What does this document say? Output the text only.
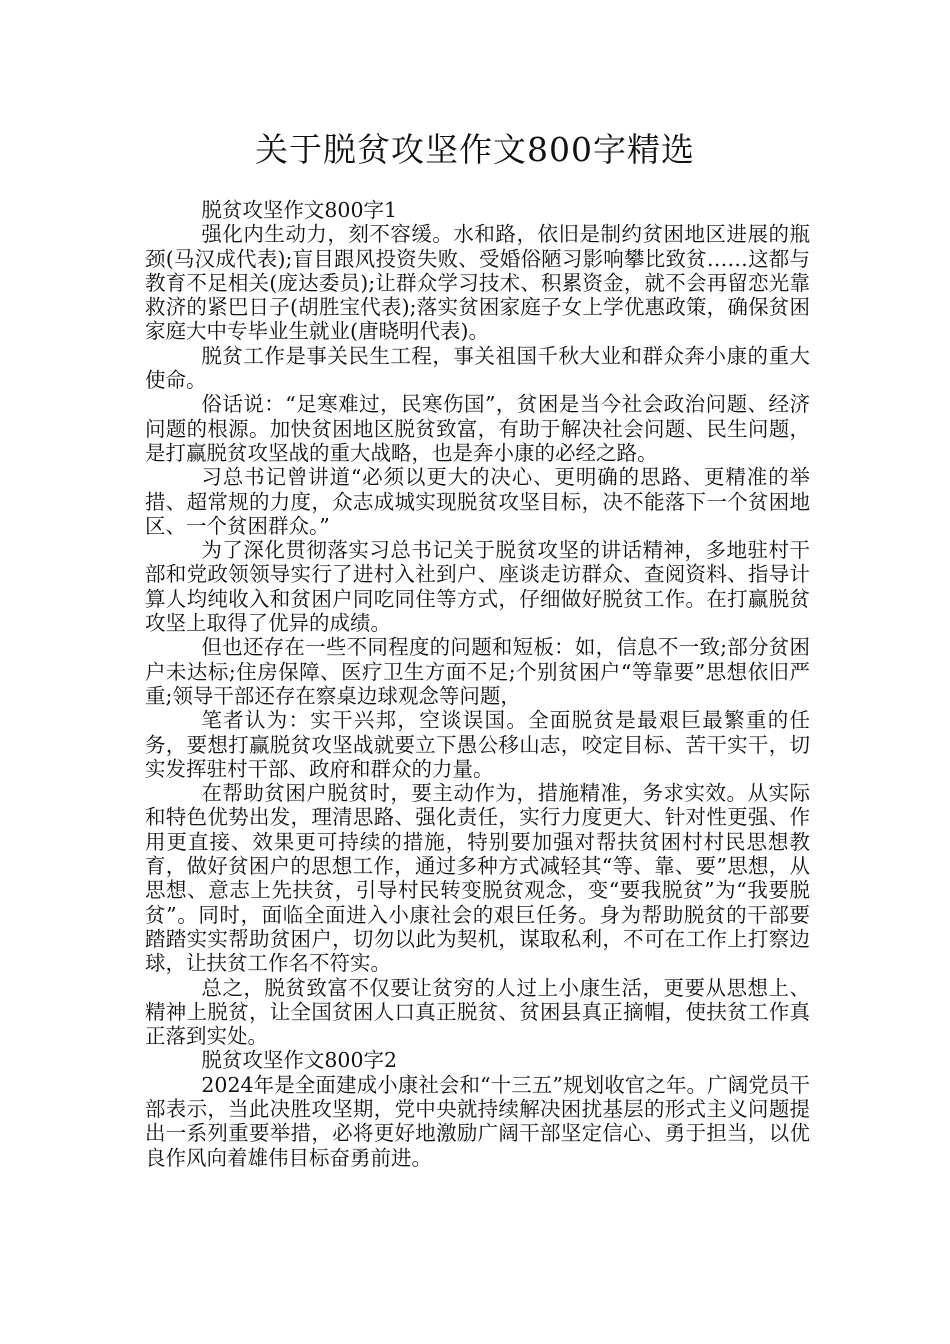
关于脱贫攻坚作文800字精选

脱贫攻坚作文800字1

强化内生动力，刻不容缓。水和路，依旧是制约贫困地区进展的瓶颈(马汉成代表);盲目跟风投资失败、受婚俗陋习影响攀比致贫……这都与教育不足相关(庞达委员);让群众学习技术、积累资金，就不会再留恋光靠救济的紧巴日子(胡胜宝代表);落实贫困家庭子女上学优惠政策，确保贫困家庭大中专毕业生就业(唐晓明代表)。

脱贫工作是事关民生工程，事关祖国千秋大业和群众奔小康的重大使命。

俗话说：“足寒难过，民寒伤国”，贫困是当今社会政治问题、经济问题的根源。加快贫困地区脱贫致富，有助于解决社会问题、民生问题，是打赢脱贫攻坚战的重大战略，也是奔小康的必经之路。

习总书记曾讲道“必须以更大的决心、更明确的思路、更精准的举措、超常规的力度，众志成城实现脱贫攻坚目标，决不能落下一个贫困地区、一个贫困群众。”

为了深化贯彻落实习总书记关于脱贫攻坚的讲话精神，多地驻村干部和党政领领导实行了进村入社到户、座谈走访群众、查阅资料、指导计算人均纯收入和贫困户同吃同住等方式，仔细做好脱贫工作。在打赢脱贫攻坚上取得了优异的成绩。

但也还存在一些不同程度的问题和短板：如，信息不一致;部分贫困户未达标;住房保障、医疗卫生方面不足;个别贫困户“等靠要”思想依旧严重;领导干部还存在察桌边球观念等问题，

笔者认为：实干兴邦，空谈误国。全面脱贫是最艰巨最繁重的任务，要想打赢脱贫攻坚战就要立下愚公移山志，咬定目标、苦干实干，切实发挥驻村干部、政府和群众的力量。

在帮助贫困户脱贫时，要主动作为，措施精准，务求实效。从实际和特色优势出发，理清思路、强化责任，实行力度更大、针对性更强、作用更直接、效果更可持续的措施，特别要加强对帮扶贫困村村民思想教育，做好贫困户的思想工作，通过多种方式减轻其“等、靠、要”思想，从思想、意志上先扶贫，引导村民转变脱贫观念，变“要我脱贫”为“我要脱贫”。同时，面临全面进入小康社会的艰巨任务。身为帮助脱贫的干部要踏踏实实帮助贫困户，切勿以此为契机，谋取私利，不可在工作上打察边球，让扶贫工作名不符实。

总之，脱贫致富不仅要让贫穷的人过上小康生活，更要从思想上、精神上脱贫，让全国贫困人口真正脱贫、贫困县真正摘帽，使扶贫工作真正落到实处。

脱贫攻坚作文800字2

2024年是全面建成小康社会和“十三五”规划收官之年。广阔党员干部表示，当此决胜攻坚期，党中央就持续解决困扰基层的形式主义问题提出一系列重要举措，必将更好地激励广阔干部坚定信心、勇于担当，以优良作风向着雄伟目标奋勇前进。
